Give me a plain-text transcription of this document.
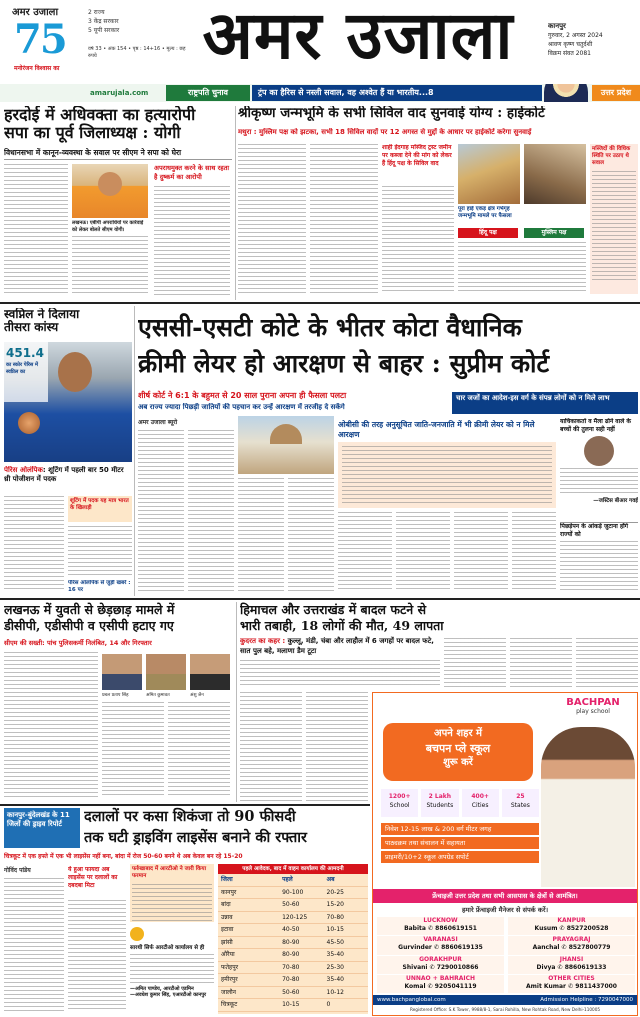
अमर उजाला
75
मनोरंजन विश्वास का
2 राज्य
3 केंद्र सरकार
5 यूपी सरकार
वर्ष 33 • अंक 154 • पृष्ठ : 14+16 • मूल्य : छह रुपये	अमर उजाला	कानपुर
गुरुवार, 2 अगस्त 2024
श्रावण कृष्ण चतुर्दशी
विक्रम संवत 2081
amarujala.com	राष्ट्रपति चुनाव	ट्रंप का हैरिस से नस्ली सवाल, वह अश्वेत हैं या भारतीय...8	उत्तर प्रदेश
हरदोई में अधिवक्ता का हत्यारोपी
सपा का पूर्व जिलाध्यक्ष : योगी
विधानसभा में कानून-व्यवस्था के सवाल पर सीएम ने सपा को घेरा
लखनऊ। एबीपी अपराधियों पर कार्रवाई को लेकर बोलते सीएम योगी।
अपराधमुक्त करने के साथ रहता है दुष्कर्म का आरोपी
श्रीकृष्ण जन्मभूमि के सभी सिविल वाद सुनवाई योग्य : हाईकोर्ट
मथुरा : मुस्लिम पक्ष को झटका, सभी 18 सिविल वादों पर 12 अगस्त से मुद्दों के आधार पर हाईकोर्ट करेगा सुनवाई
शाही ईदगाह मस्जिद ट्रस्ट जमीन पर कब्जा देने की मांग को लेकर हैं हिंदू पक्ष के सिविल वाद
पूरा हाई एकड़ क्षेत्र गर्भगृह
जन्मभूमि मामले पर फैसला
हिंदू पक्ष	मुस्लिम पक्ष
मस्जिदों की विधिक स्थिति पर उठाए थे सवाल
स्वप्निल ने दिलाया
तीसरा कांस्य
451.4
का स्कोर पेरिस में स्वप्निल का
पेरिस ओलंपिक: शूटिंग में पहली बार 50 मीटर थ्री पोजीशन में पदक
शूटिंग में पदक यह मात्र भारत के खिलाड़ी
पेरिस ओलंपिक से जुड़ी खबरें : 16 पर
एससी-एसटी कोटे के भीतर कोटा वैधानिक
क्रीमी लेयर हो आरक्षण से बाहर : सुप्रीम कोर्ट
शीर्ष कोर्ट ने 6:1 के बहुमत से 20 साल पुराना अपना ही फैसला पलटा
अब राज्य ज्यादा पिछड़ी जातियों की पहचान कर उन्हें आरक्षण में तरजीह दे सकेंगे
चार जजों का आदेश-इस वर्ग के संपन्न लोगों को न मिले लाभ
अमर उजाला ब्यूरो	ओबीसी की तरह अनुसूचित जाति-जनजाति में भी क्रीमी लेयर को न मिले आरक्षण
याचिकाकर्ता व मैला ढोने वाले के बच्चों की तुलना सही नहीं
—जस्टिस बीआर गवई
पिछड़ेपन के आंकड़े जुटाना होंगे राज्यों को
लखनऊ में युवती से छेड़छाड़ मामले में
डीसीपी, एडीसीपी व एसीपी हटाए गए
सीएम की सख्ती: पांच पुलिसकर्मी निलंबित, 14 और गिरफ्तार
प्रबल प्रताप सिंह	अमित कुमावत	अंशु जैन
हिमाचल और उत्तराखंड में बादल फटने से
भारी तबाही, 18 लोगों की मौत, 49 लापता
कुदरत का कहर : कुल्लू, मंडी, चंबा और लाहौल में 6 जगहों पर बादल फटे, सात पुल बहे, मलाणा डैम टूटा
BACHPAN
play school
अपने शहर में
बचपन प्ले स्कूल
शुरू करें
1200+
School
2 Lakh
Students
400+
Cities
25
States
निवेश 12-15 लाख & 200 वर्ग मीटर जगह
पाठ्यक्रम तथा संचालन में सहायता
प्राइमरी/10+2 स्कूल अपग्रेड सपोर्ट
फ्रेंचाइजी उत्तर प्रदेश तथा सभी आसपास के क्षेत्रों से आमंत्रित।
हमारे फ्रेंचाइजी मैनेजर से संपर्क करें।
LUCKNOW
Babita ✆ 8860619151
KANPUR
Kusum ✆ 8527200528
VARANASI
Gurvinder ✆ 8860619135
PRAYAGRAJ
Aanchal ✆ 8527800779
GORAKHPUR
Shivani ✆ 7290010866
JHANSI
Divya ✆ 8860619133
UNNAO + BAHRAICH
Komal ✆ 9205041119
OTHER CITIES
Amit Kumar ✆ 9811437000
www.bachpanglobal.com	Admission Helpline : 7290047000
Registered Office: S.K Tower, 9988/8-1, Sarai Rohilla, New Rohtak Road, New Delhi-110005
कानपुर-बुंदेलखंड के 11 जिलों की ड्राइव रिपोर्ट	दलालों पर कसा शिकंजा तो 90 फीसदी
तक घटी ड्राइविंग लाइसेंस बनाने की रफ्तार
चित्रकूट में एक हफ्ते में एक भी लाइसेंस नहीं बना, बांदा में रोज 50-60 बनने थे अब केवल बन रहे 15-20
गोविंद पांडेय	ये हुआ फायदा अब लाइसेंस पर दलालों का दबदबा मिटा
फर्रुखाबाद में आरटीओ ने जारी किया फरमान
सारथी सिर्फ आरटीओ कार्यालय से ही
—अमित पाण्डेय, आरटीओ एडमिन
—अवधेश कुमार सिंह, एआरटीओ कानपुर
पहले आवेदक, बाद में वाहन कार्यालय की आमदनी
जिला	पहले	अब
कानपुर	90-100	20-25
बांदा	50-60	15-20
उन्नाव	120-125	70-80
इटावा	40-50	10-15
झांसी	80-90	45-50
औरैया	80-90	35-40
फतेहपुर	70-80	25-30
हमीरपुर	70-80	35-40
जालौन	50-60	10-12
चित्रकूट	10-15	0
